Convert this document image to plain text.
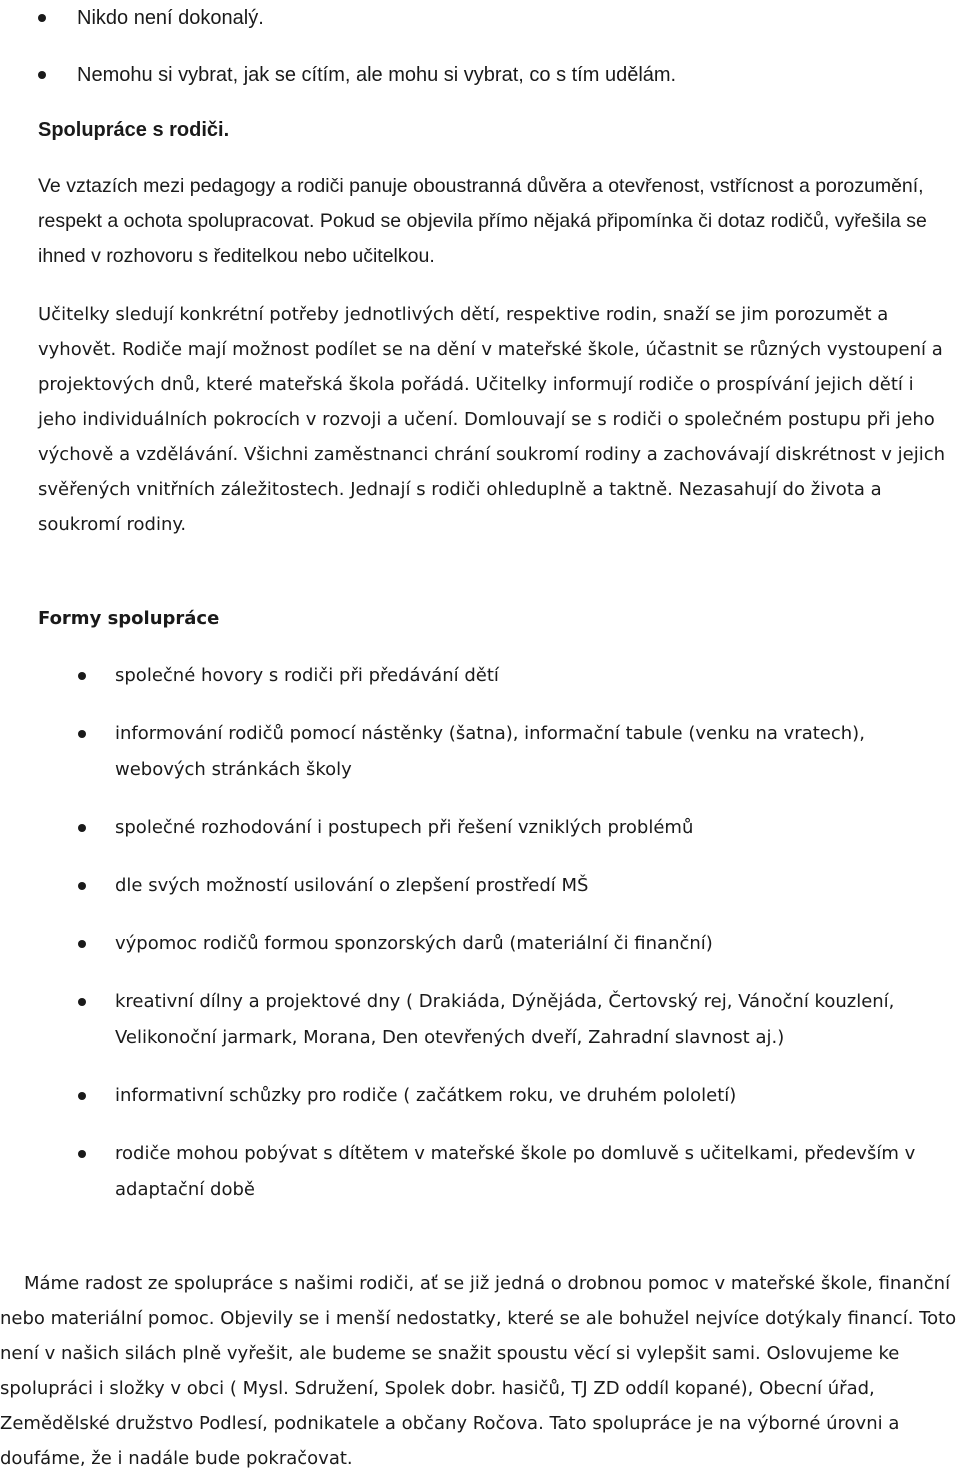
Nikdo není dokonalý.
Nemohu si vybrat, jak se cítím, ale mohu si vybrat, co s tím udělám.
Spolupráce s rodiči.

Ve vztazích mezi pedagogy a rodiči panuje oboustranná důvěra a otevřenost, vstřícnost a porozumění, respekt a ochota spolupracovat. Pokud se objevila přímo nějaká připomínka či dotaz rodičů, vyřešila se ihned v rozhovoru s ředitelkou nebo učitelkou.

Učitelky sledují konkrétní potřeby jednotlivých dětí, respektive rodin, snaží se jim porozumět a vyhovět. Rodiče mají možnost podílet se na dění v mateřské škole, účastnit se různých vystoupení a projektových dnů, které mateřská škola pořádá. Učitelky informují rodiče o prospívání jejich dětí i jeho individuálních pokrocích v rozvoji a učení. Domlouvají se s rodiči o společném postupu při jeho výchově a vzdělávání. Všichni zaměstnanci chrání soukromí rodiny a zachovávají diskrétnost v jejich svěřených vnitřních záležitostech. Jednají s rodiči ohleduplně a taktně. Nezasahují do života a soukromí rodiny.

Formy spolupráce
společné hovory s rodiči při předávání dětí
informování rodičů pomocí nástěnky (šatna), informační tabule (venku na vratech), webových stránkách školy
společné rozhodování i postupech při řešení vzniklých problémů
dle svých možností usilování o zlepšení prostředí MŠ
výpomoc rodičů formou sponzorských darů (materiální či finanční)
kreativní dílny a projektové dny ( Drakiáda, Dýnějáda, Čertovský rej, Vánoční kouzlení, Velikonoční jarmark, Morana, Den otevřených dveří, Zahradní slavnost aj.)
informativní schůzky pro rodiče ( začátkem roku, ve druhém pololetí)
rodiče mohou pobývat s dítětem v mateřské škole po domluvě s učitelkami, především v adaptační době

Máme radost ze spolupráce s našimi rodiči, ať se již jedná o drobnou pomoc v mateřské škole, finanční nebo materiální pomoc. Objevily se i menší nedostatky, které se ale bohužel nejvíce dotýkaly financí. Toto není v našich silách plně vyřešit, ale budeme se snažit spoustu věcí si vylepšit sami. Oslovujeme ke spolupráci i složky v obci ( Mysl. Sdružení, Spolek dobr. hasičů, TJ ZD oddíl kopané), Obecní úřad, Zemědělské družstvo Podlesí, podnikatele a občany Ročova. Tato spolupráce je na výborné úrovni a doufáme, že i nadále bude pokračovat.
